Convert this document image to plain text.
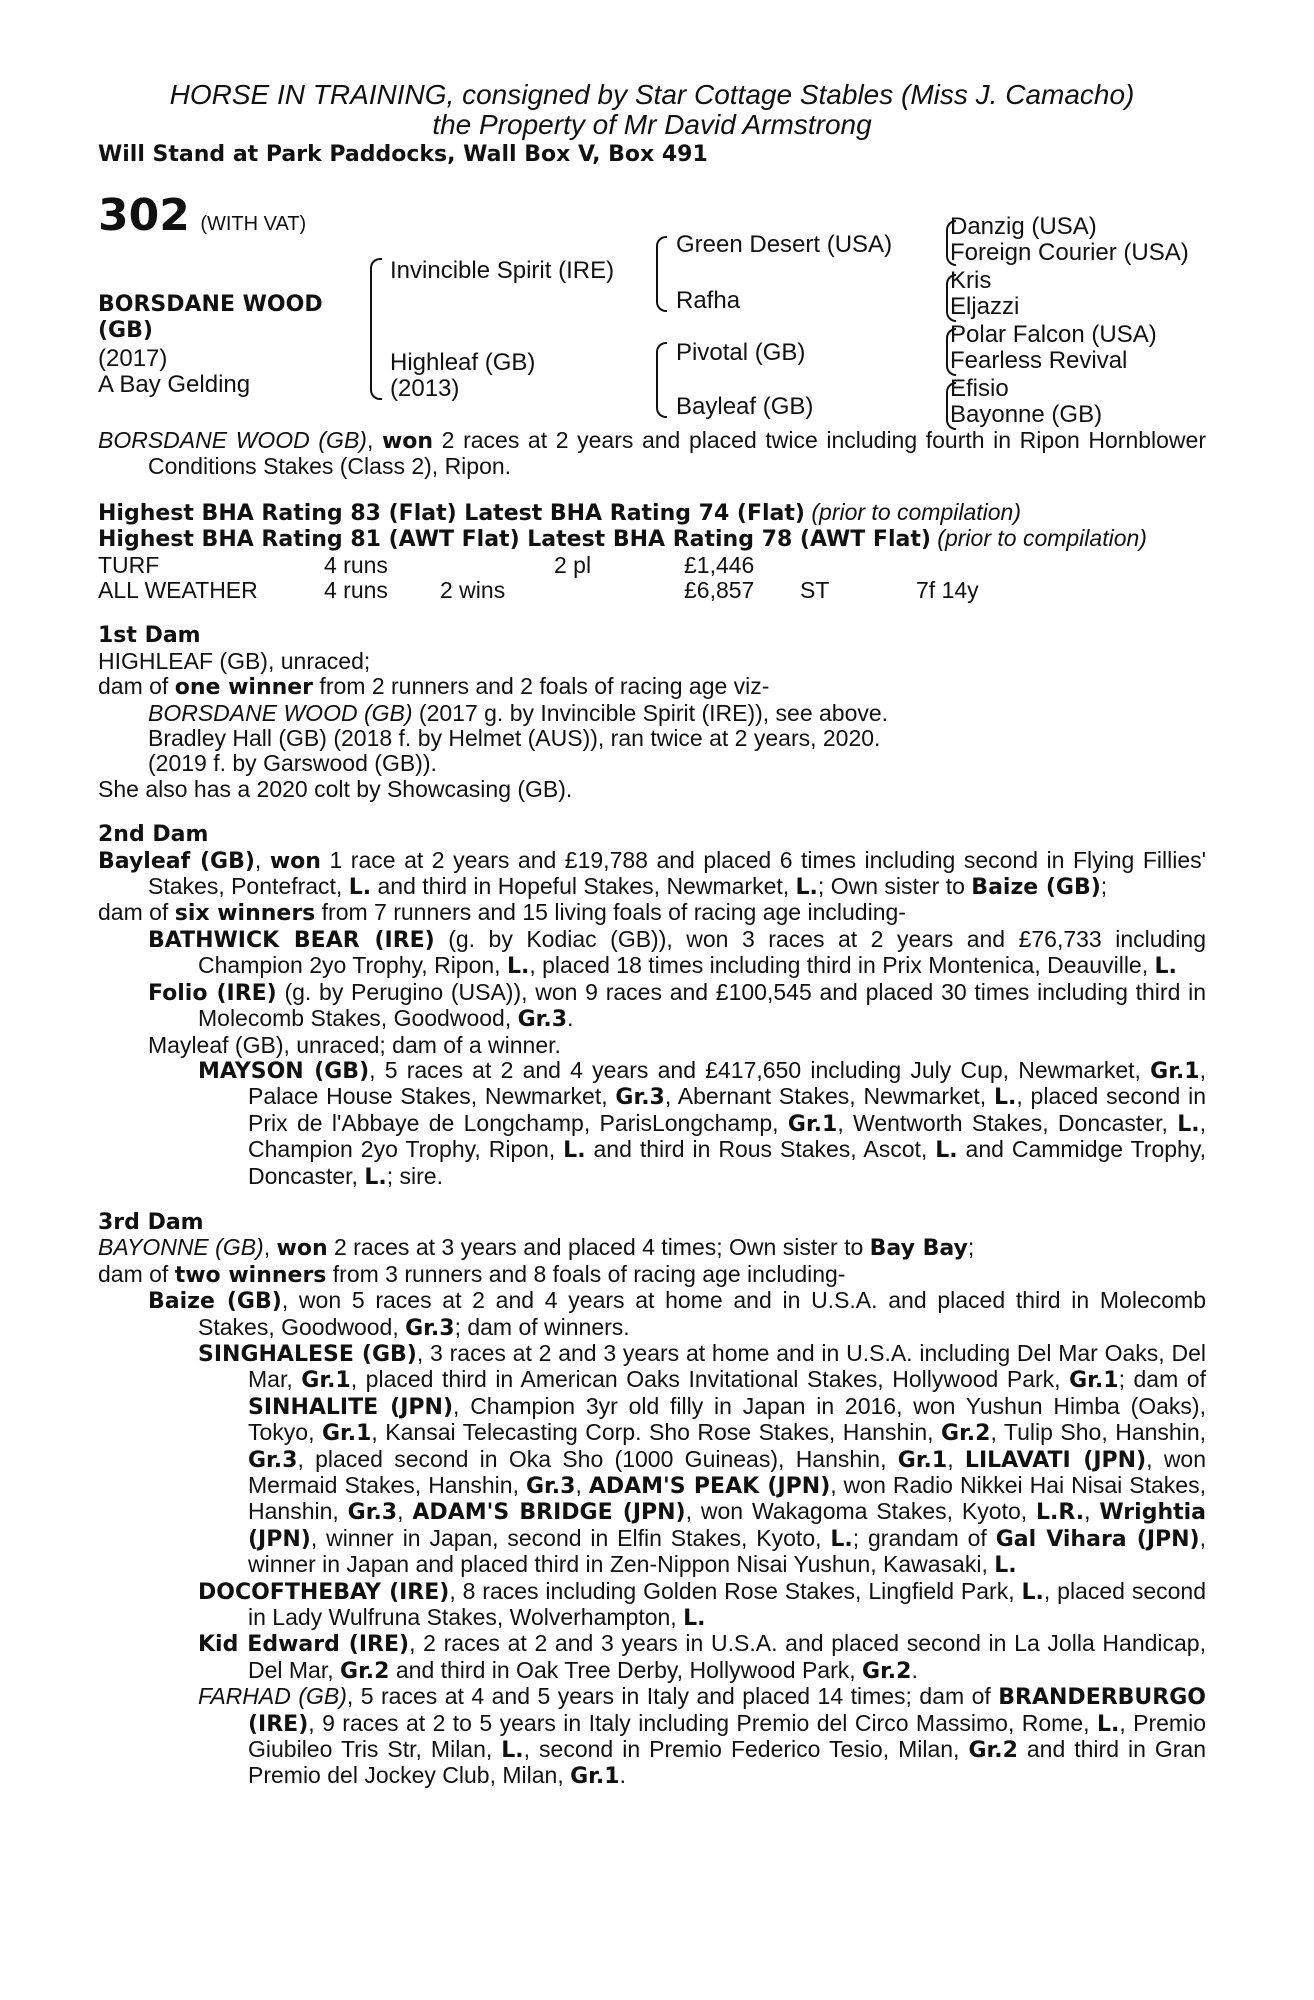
HORSE IN TRAINING, consigned by Star Cottage Stables (Miss J. Camacho)
the Property of Mr David Armstrong
Will Stand at Park Paddocks, Wall Box V, Box 491
302 (WITH VAT)
BORSDANE WOOD (GB)
(2017)
A Bay Gelding
Invincible Spirit (IRE)
Highleaf (GB)
(2013)
Green Desert (USA)
Rafha
Pivotal (GB)
Bayleaf (GB)
Danzig (USA)
Foreign Courier (USA)
Kris
Eljazzi
Polar Falcon (USA)
Fearless Revival
Efisio
Bayonne (GB)

BORSDANE WOOD (GB), won 2 races at 2 years and placed twice including fourth in Ripon Hornblower Conditions Stakes (Class 2), Ripon.

Highest BHA Rating 83 (Flat) Latest BHA Rating 74 (Flat) (prior to compilation)

Highest BHA Rating 81 (AWT Flat) Latest BHA Rating 78 (AWT Flat) (prior to compilation)

TURF	4 runs	2 pl	£1,446
ALL WEATHER	4 runs 2 wins	£6,857 ST	7f 14y

1st Dam

HIGHLEAF (GB), unraced;

dam of one winner from 2 runners and 2 foals of racing age viz-

BORSDANE WOOD (GB) (2017 g. by Invincible Spirit (IRE)), see above.

Bradley Hall (GB) (2018 f. by Helmet (AUS)), ran twice at 2 years, 2020.

(2019 f. by Garswood (GB)).

She also has a 2020 colt by Showcasing (GB).

2nd Dam

Bayleaf (GB), won 1 race at 2 years and £19,788 and placed 6 times including second in Flying Fillies' Stakes, Pontefract, L. and third in Hopeful Stakes, Newmarket, L.; Own sister to Baize (GB);

dam of six winners from 7 runners and 15 living foals of racing age including-

BATHWICK BEAR (IRE) (g. by Kodiac (GB)), won 3 races at 2 years and £76,733 including Champion 2yo Trophy, Ripon, L., placed 18 times including third in Prix Montenica, Deauville, L.

Folio (IRE) (g. by Perugino (USA)), won 9 races and £100,545 and placed 30 times including third in Molecomb Stakes, Goodwood, Gr.3.

Mayleaf (GB), unraced; dam of a winner.

MAYSON (GB), 5 races at 2 and 4 years and £417,650 including July Cup, Newmarket, Gr.1, Palace House Stakes, Newmarket, Gr.3, Abernant Stakes, Newmarket, L., placed second in Prix de l'Abbaye de Longchamp, ParisLongchamp, Gr.1, Wentworth Stakes, Doncaster, L., Champion 2yo Trophy, Ripon, L. and third in Rous Stakes, Ascot, L. and Cammidge Trophy, Doncaster, L.; sire.

3rd Dam

BAYONNE (GB), won 2 races at 3 years and placed 4 times; Own sister to Bay Bay;

dam of two winners from 3 runners and 8 foals of racing age including-

Baize (GB), won 5 races at 2 and 4 years at home and in U.S.A. and placed third in Molecomb Stakes, Goodwood, Gr.3; dam of winners.

SINGHALESE (GB), 3 races at 2 and 3 years at home and in U.S.A. including Del Mar Oaks, Del Mar, Gr.1, placed third in American Oaks Invitational Stakes, Hollywood Park, Gr.1; dam of SINHALITE (JPN), Champion 3yr old filly in Japan in 2016, won Yushun Himba (Oaks), Tokyo, Gr.1, Kansai Telecasting Corp. Sho Rose Stakes, Hanshin, Gr.2, Tulip Sho, Hanshin, Gr.3, placed second in Oka Sho (1000 Guineas), Hanshin, Gr.1, LILAVATI (JPN), won Mermaid Stakes, Hanshin, Gr.3, ADAM'S PEAK (JPN), won Radio Nikkei Hai Nisai Stakes, Hanshin, Gr.3, ADAM'S BRIDGE (JPN), won Wakagoma Stakes, Kyoto, L.R., Wrightia (JPN), winner in Japan, second in Elfin Stakes, Kyoto, L.; grandam of Gal Vihara (JPN), winner in Japan and placed third in Zen-Nippon Nisai Yushun, Kawasaki, L.

DOCOFTHEBAY (IRE), 8 races including Golden Rose Stakes, Lingfield Park, L., placed second in Lady Wulfruna Stakes, Wolverhampton, L.

Kid Edward (IRE), 2 races at 2 and 3 years in U.S.A. and placed second in La Jolla Handicap, Del Mar, Gr.2 and third in Oak Tree Derby, Hollywood Park, Gr.2.

FARHAD (GB), 5 races at 4 and 5 years in Italy and placed 14 times; dam of BRANDERBURGO (IRE), 9 races at 2 to 5 years in Italy including Premio del Circo Massimo, Rome, L., Premio Giubileo Tris Str, Milan, L., second in Premio Federico Tesio, Milan, Gr.2 and third in Gran Premio del Jockey Club, Milan, Gr.1.
